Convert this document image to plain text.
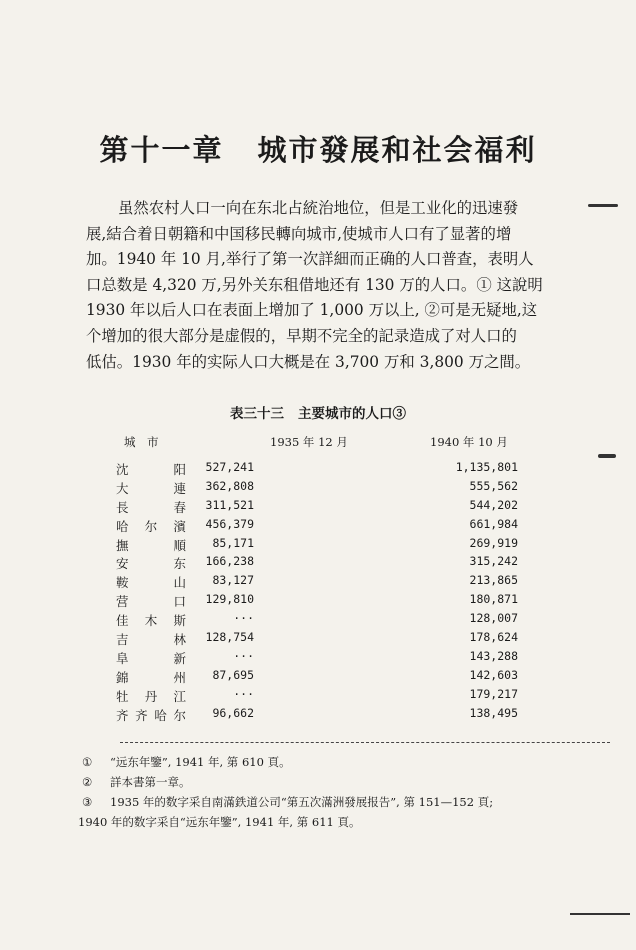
第十一章 城市發展和社会福利
虽然农村人口一向在东北占統治地位，但是工业化的迅速發
展,結合着日朝籍和中国移民轉向城市,使城市人口有了显著的增
加。1940 年 10 月,举行了第一次詳細而正确的人口普查，表明人
口总数是 4,320 万,另外关东租借地还有 130 万的人口。① 这說明
1930 年以后人口在表面上增加了 1,000 万以上, ②可是无疑地,这
个增加的很大部分是虚假的，早期不完全的記录造成了对人口的
低估。1930 年的实际人口大概是在 3,700 万和 3,800 万之間。
表三十三 主要城市的人口③
城　市	1935 年 12 月	1940 年 10 月
沈	阳 527,241	1,135,801
大	連 362,808	555,562
長	春 311,521	544,202
哈 尔 濱 456,379	661,984
撫	順 85,171	269,919
安	东 166,238	315,242
鞍	山 83,127	213,865
营	口 129,810	180,871
佳 木 斯	···	128,007
吉	林 128,754	178,624
阜	新	···	143,288
錦	州 87,695	142,603
牡 丹 江	···	179,217
齐 齐 哈 尔 96,662	138,495
① “远东年鑒”, 1941 年, 第 610 頁。
② 詳本書第一章。
③ 1935 年的数字采自南滿鉄道公司“第五次滿洲發展报告”, 第 151—152 頁;
1940 年的数字采自“远东年鑒”, 1941 年, 第 611 頁。
